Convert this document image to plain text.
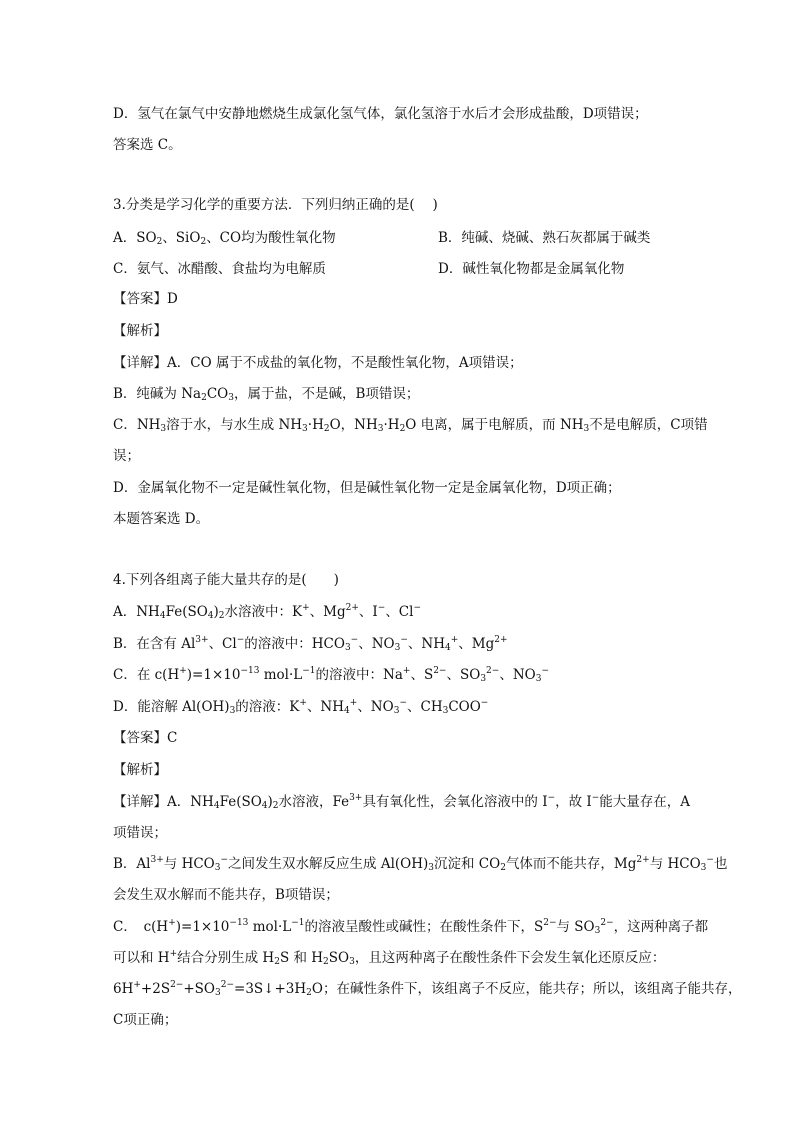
D．氢气在氯气中安静地燃烧生成氯化氢气体，氯化氢溶于水后才会形成盐酸，D项错误；
答案选 C。
3.分类是学习化学的重要方法．下列归纳正确的是(　 )
A．$SO_2$、SiO$_2$、CO均为酸性氧化物	B．纯碱、烧碱、熟石灰都属于碱类
C．氨气、冰醋酸、食盐均为电解质	D．碱性氧化物都是金属氧化物
【答案】D
【解析】
【详解】A．CO 属于不成盐的氧化物，不是酸性氧化物，A项错误；
B．纯碱为 $Na_2CO_3$，属于盐，不是碱，B项错误；
C．$NH_3$溶于水，与水生成 $NH_3\cdot H_2O$，$NH_3\cdot H_2O$ 电离，属于电解质，而 $NH_3$不是电解质，C项错
误；
D．金属氧化物不一定是碱性氧化物，但是碱性氧化物一定是金属氧化物，D项正确；
本题答案选 D。
4.下列各组离子能大量共存的是(　　)
A．$NH_4Fe(SO_4)_2$水溶液中：K+、$Mg^{2+}$、I−、Cl−
B．在含有 $Al^{3+}$、Cl−的溶液中：$HCO_3^-$、$NO_3^-$、$NH_4^+$、$Mg^{2+}$
C．在 $c(H^+)=1\times 10^{-13}$ $mol\cdot L^{-1}$的溶液中：Na+、$S^{2-}$、$SO_3^{2-}$、$NO_3^-$
D．能溶解 $Al(OH)_3$的溶液：K+、$NH_4^+$、$NO_3^-$、$CH_3COO^-$
【答案】C
【解析】
【详解】A．$NH_4Fe(SO_4)_2$水溶液，$Fe^{3+}$具有氧化性，会氧化溶液中的 I−，故 I−能大量存在，A
项错误；
B．$Al^{3+}$与 $HCO_3^-$之间发生双水解反应生成 $Al(OH)_3$沉淀和 $CO_2$气体而不能共存，$Mg^{2+}$与 $HCO_3^-$也
会发生双水解而不能共存，B项错误；
C．　$c(H^+)=1\times 10^{-13}$ $mol\cdot L^{-1}$的溶液呈酸性或碱性；在酸性条件下，$S^{2-}$与 $SO_3^{2-}$，这两种离子都
可以和 H+结合分别生成 $H_2S$ 和 $H_2SO_3$，且这两种离子在酸性条件下会发生氧化还原反应：
$6H^++2S^{2-}+SO_3^{2-}=3S↓+3H_2O$；在碱性条件下，该组离子不反应，能共存；所以，该组离子能共存，
C项正确；
